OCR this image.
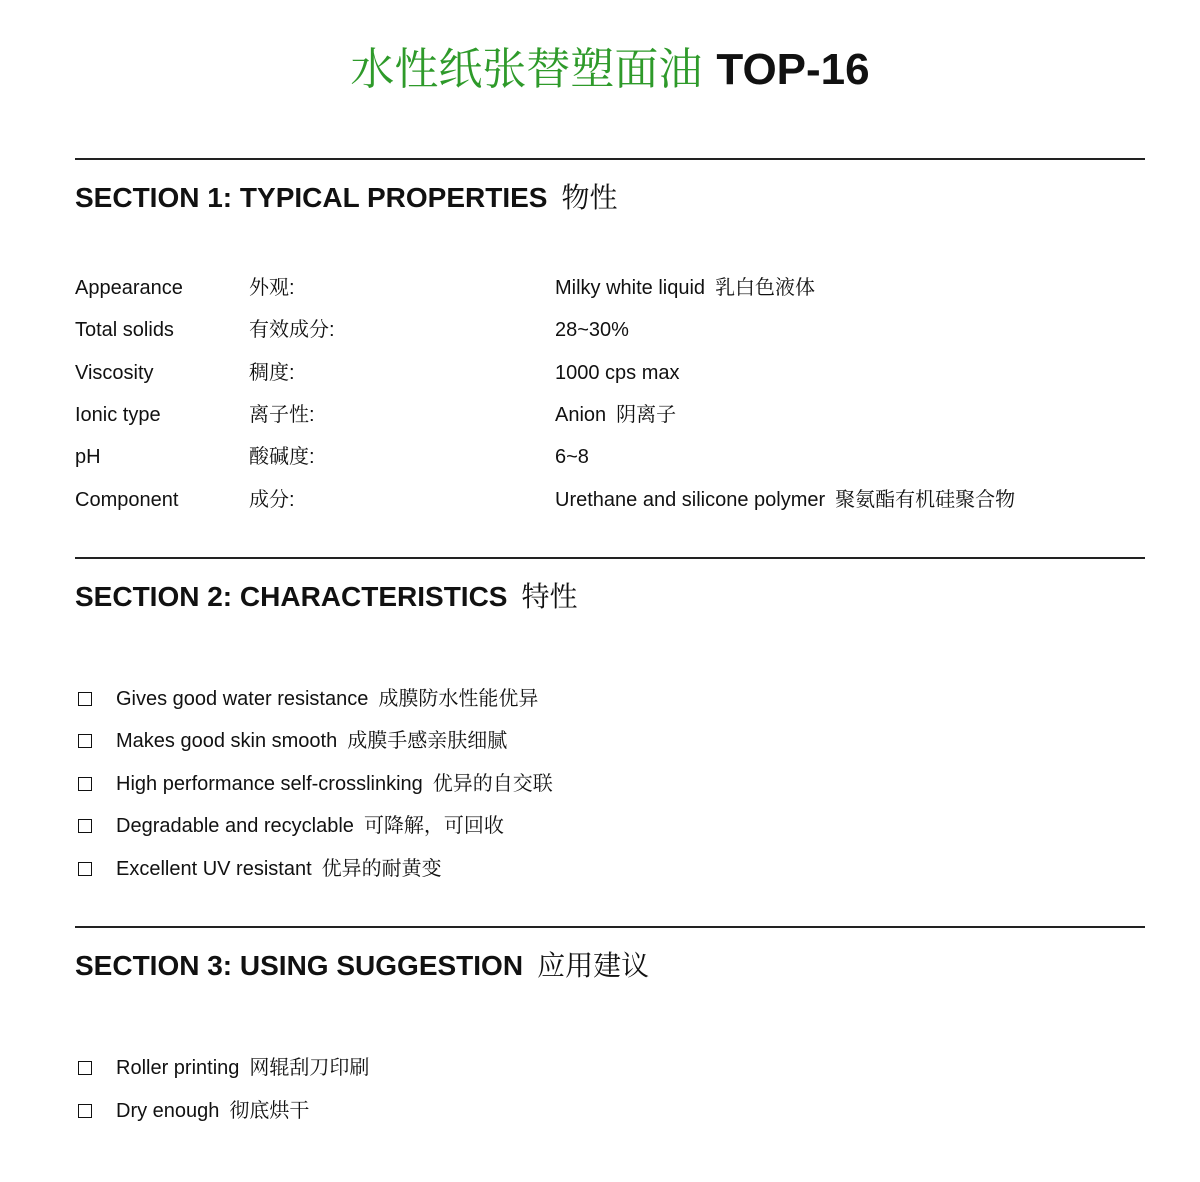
水性纸张替塑面油 TOP-16
SECTION 1: TYPICAL PROPERTIES 物性
Appearance	外观:	Milky white liquid 乳白色液体
Total solids	有效成分:	28~30%
Viscosity	稠度:	1000 cps max
Ionic type	离子性:	Anion 阴离子
pH	酸碱度:	6~8
Component	成分:	Urethane and silicone polymer 聚氨酯有机硅聚合物
SECTION 2: CHARACTERISTICS 特性
Gives good water resistance 成膜防水性能优异
Makes good skin smooth 成膜手感亲肤细腻
High performance self-crosslinking 优异的自交联
Degradable and recyclable 可降解，可回收
Excellent UV resistant 优异的耐黄变
SECTION 3: USING SUGGESTION 应用建议
Roller printing 网辊刮刀印刷
Dry enough 彻底烘干
